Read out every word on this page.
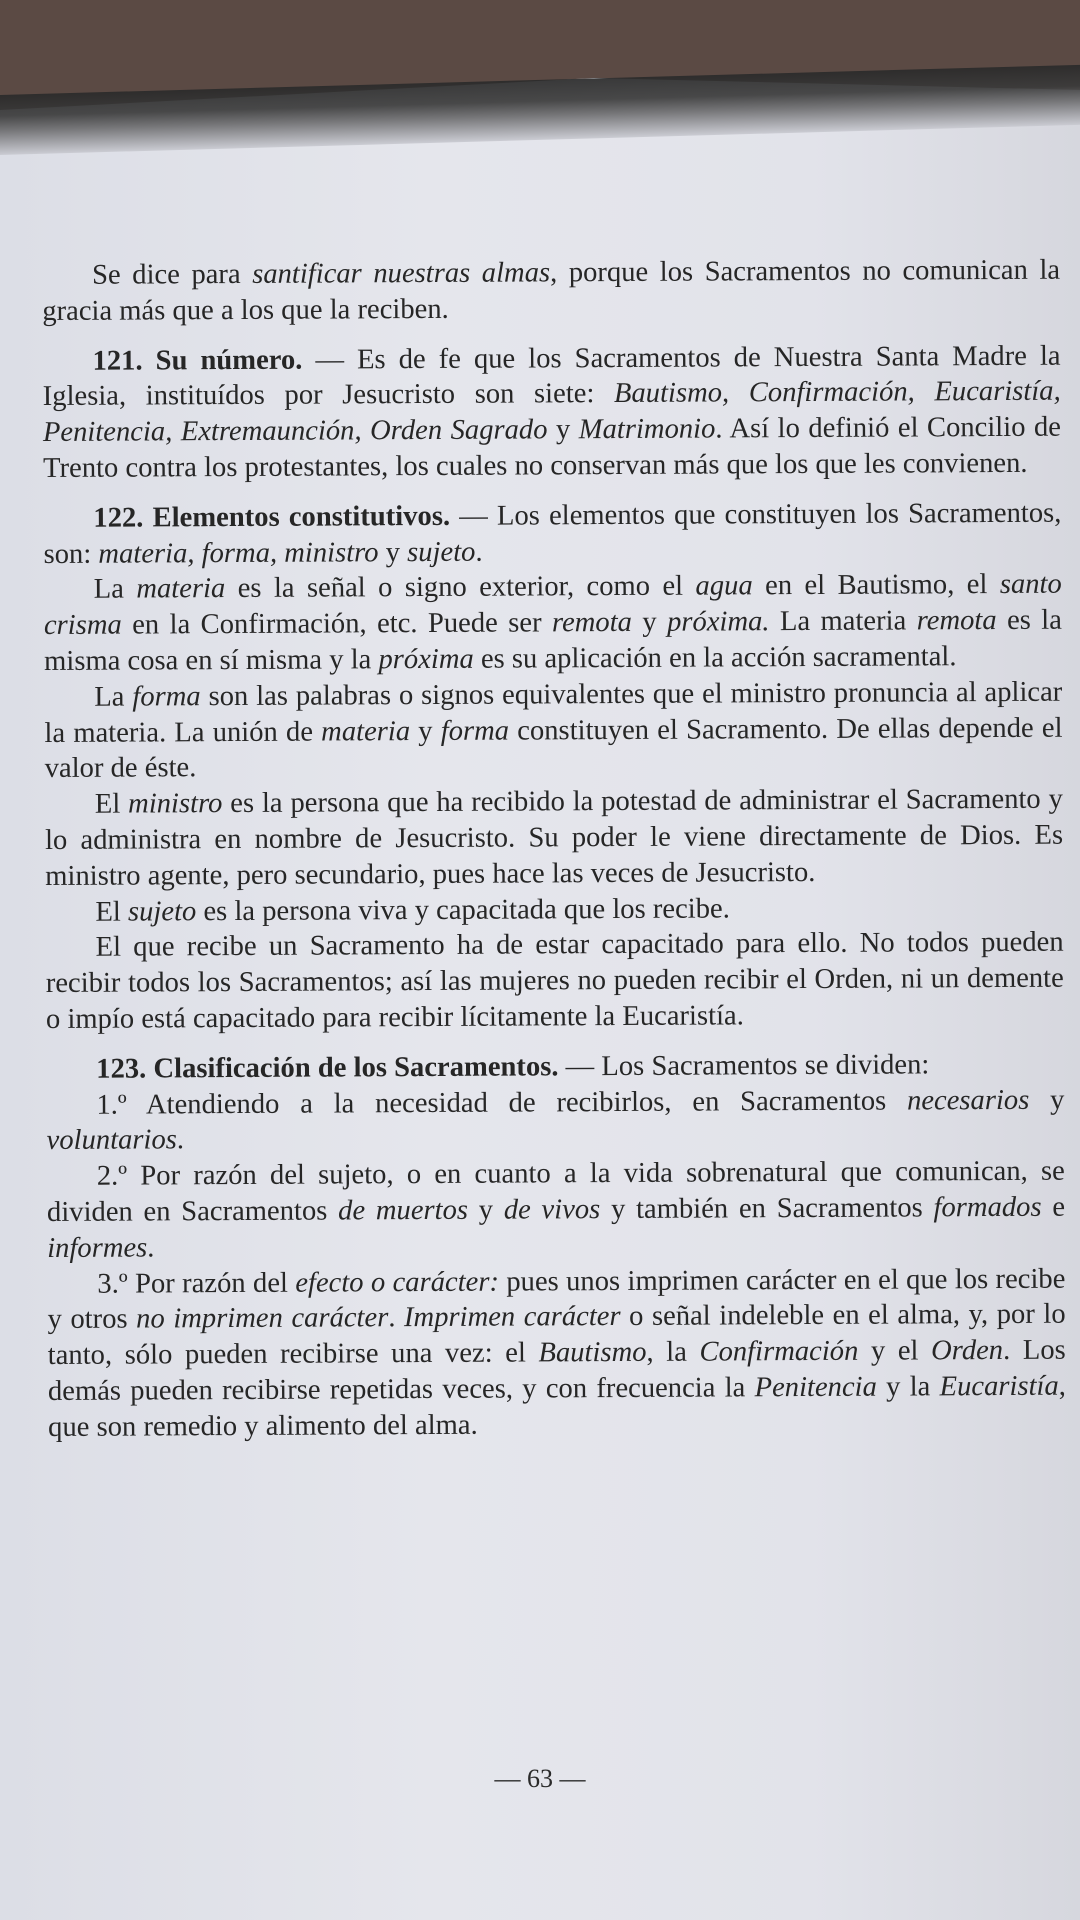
Se dice para santificar nuestras almas, porque los Sacramentos no comunican la gracia más que a los que la reciben.

121. Su número. — Es de fe que los Sacramentos de Nuestra Santa Madre la Iglesia, instituídos por Jesucristo son siete: Bautismo, Confirmación, Eucaristía, Penitencia, Extremaunción, Orden Sagrado y Matrimonio. Así lo definió el Concilio de Trento contra los protestantes, los cuales no conservan más que los que les convienen.

122. Elementos constitutivos. — Los elementos que constituyen los Sacramentos, son: materia, forma, ministro y sujeto.

La materia es la señal o signo exterior, como el agua en el Bautismo, el santo crisma en la Confirmación, etc. Puede ser remota y próxima. La materia remota es la misma cosa en sí misma y la próxima es su aplicación en la acción sacramental.

La forma son las palabras o signos equivalentes que el ministro pronuncia al aplicar la materia. La unión de materia y forma constituyen el Sacramento. De ellas depende el valor de éste.

El ministro es la persona que ha recibido la potestad de administrar el Sacramento y lo administra en nombre de Jesucristo. Su poder le viene directamente de Dios. Es ministro agente, pero secundario, pues hace las veces de Jesucristo.

El sujeto es la persona viva y capacitada que los recibe.

El que recibe un Sacramento ha de estar capacitado para ello. No todos pueden recibir todos los Sacramentos; así las mujeres no pueden recibir el Orden, ni un demente o impío está capacitado para recibir lícitamente la Eucaristía.

123. Clasificación de los Sacramentos. — Los Sacramentos se dividen:

1.º Atendiendo a la necesidad de recibirlos, en Sacramentos necesarios y voluntarios.

2.º Por razón del sujeto, o en cuanto a la vida sobrenatural que comunican, se dividen en Sacramentos de muertos y de vivos y también en Sacramentos formados e informes.

3.º Por razón del efecto o carácter: pues unos imprimen carácter en el que los recibe y otros no imprimen carácter. Imprimen carácter o señal indeleble en el alma, y, por lo tanto, sólo pueden recibirse una vez: el Bautismo, la Confirmación y el Orden. Los demás pueden recibirse repetidas veces, y con frecuencia la Penitencia y la Eucaristía, que son remedio y alimento del alma.

— 63 —
